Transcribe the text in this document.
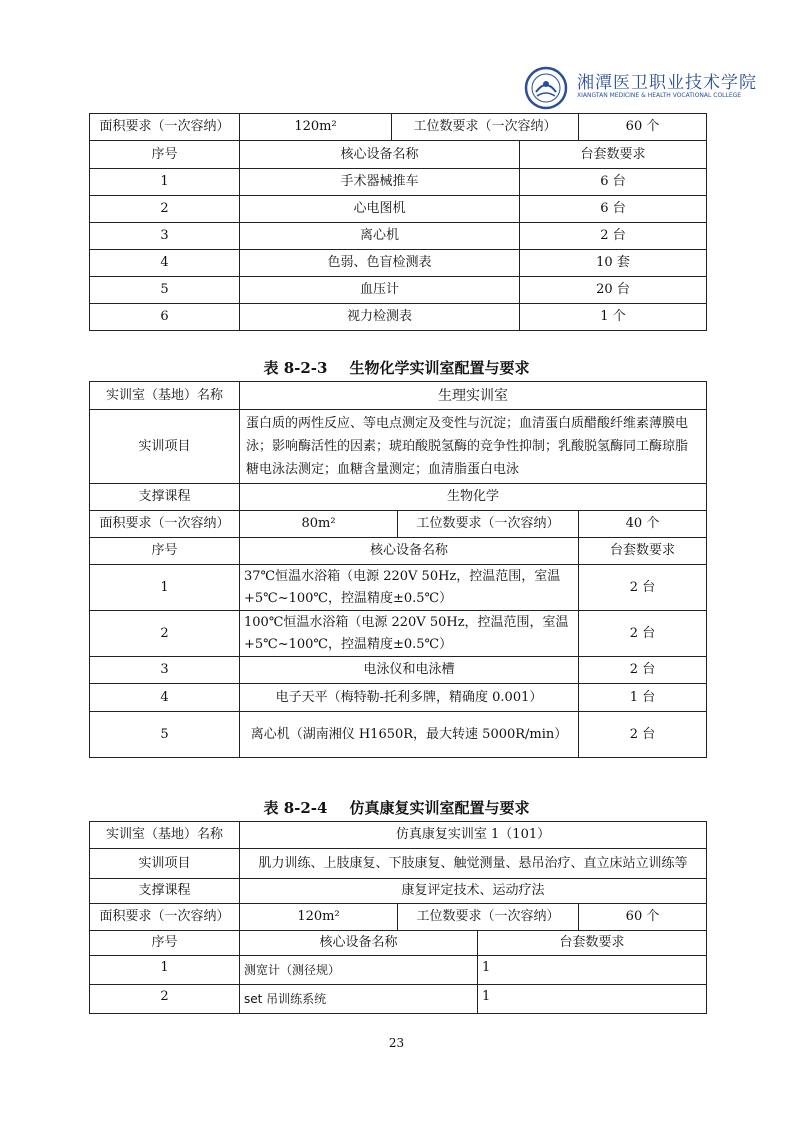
湘潭医卫职业技术学院
XIANGTAN MEDICINE & HEALTH VOCATIONAL COLLEGE
面积要求（一次容纳）	120m²	工位数要求（一次容纳）		60 个
序号	核心设备名称		台套数要求	
1	手术器械推车		6 台	
2	心电图机		6 台	
3	离心机		2 台	
4	色弱、色盲检测表		10 套	
5	血压计		20 台	
6	视力检测表		1 个	
表 8-2-3 生物化学实训室配置与要求
实训室（基地）名称	生理实训室		
实训项目	蛋白质的两性反应、等电点测定及变性与沉淀；血清蛋白质醋酸纤维素薄膜电泳；影响酶活性的因素；琥珀酸脱氢酶的竞争性抑制；乳酸脱氢酶同工酶琼脂糖电泳法测定；血糖含量测定；血清脂蛋白电泳		
支撑课程	生物化学		
面积要求（一次容纳）	80m²	工位数要求（一次容纳）	40 个
序号	核心设备名称		台套数要求
1	37℃恒温水浴箱（电源 220V 50Hz，控温范围，室温+5℃~100℃，控温精度±0.5℃）		2 台
2	100℃恒温水浴箱（电源 220V 50Hz，控温范围，室温+5℃~100℃，控温精度±0.5℃）		2 台
3	电泳仪和电泳槽		2 台
4	电子天平（梅特勒-托利多牌，精确度 0.001）		1 台
5	离心机（湖南湘仪 H1650R，最大转速 5000R/min）		2 台
表 8-2-4 仿真康复实训室配置与要求
实训室（基地）名称	仿真康复实训室 1（101）			
实训项目	肌力训练、上肢康复、下肢康复、触觉测量、悬吊治疗、直立床站立训练等			
支撑课程	康复评定技术、运动疗法			
面积要求（一次容纳）	120m²	工位数要求（一次容纳）		60 个
序号	核心设备名称		台套数要求	
1	测宽计（测径规）		1	
2	set 吊训练系统		1	
23
